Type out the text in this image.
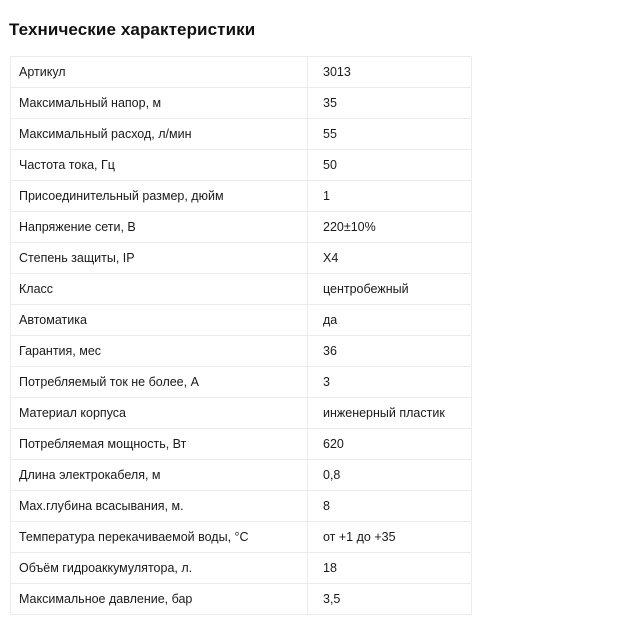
Технические характеристики
Артикул	3013
Максимальный напор, м	35
Максимальный расход, л/мин	55
Частота тока, Гц	50
Присоединительный размер, дюйм	1
Напряжение сети, В	220±10%
Степень защиты, IP	X4
Класс	центробежный
Автоматика	да
Гарантия, мес	36
Потребляемый ток не более, А	3
Материал корпуса	инженерный пластик
Потребляемая мощность, Вт	620
Длина электрокабеля, м	0,8
Max.глубина всасывания, м.	8
Температура перекачиваемой воды, °С	от +1 до +35
Объём гидроаккумулятора, л.	18
Максимальное давление, бар	3,5
